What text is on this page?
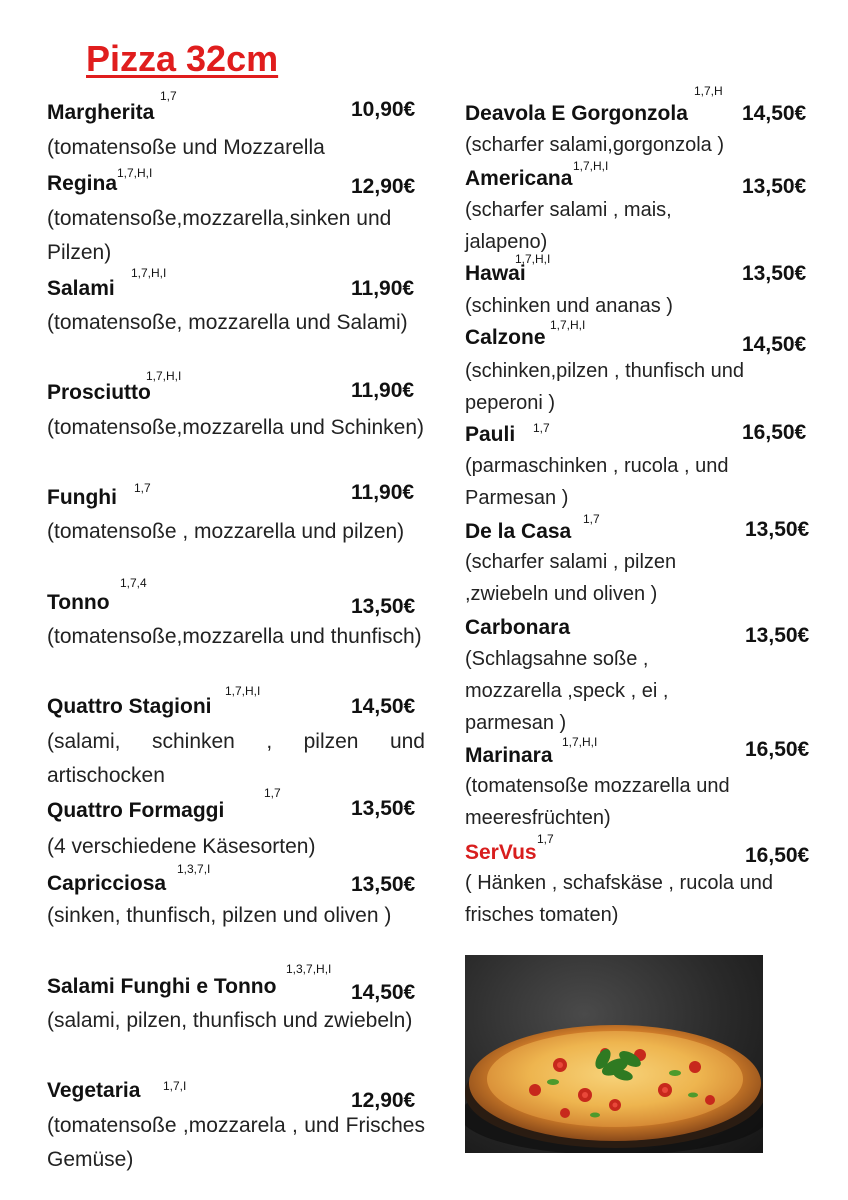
Pizza 32cm
1,7
Margherita	10,90€
(tomatensoße und Mozzarella
1,7,H,I
Regina	12,90€
(tomatensoße,mozzarella,sinken und Pilzen)
1,7,H,I
Salami	11,90€
(tomatensoße, mozzarella und Salami)
1,7,H,I
Prosciutto	11,90€
(tomatensoße,mozzarella und Schinken)
1,7
Funghi	11,90€
(tomatensoße , mozzarella und pilzen)
1,7,4
Tonno	13,50€
(tomatensoße,mozzarella und thunfisch)
1,7,H,I
Quattro Stagioni	14,50€
(salami, schinken , pilzen und artischocken
1,7
Quattro Formaggi	13,50€
(4 verschiedene Käsesorten)
1,3,7,I
Capricciosa	13,50€
(sinken, thunfisch, pilzen und oliven )
1,3,7,H,I
Salami Funghi e Tonno	14,50€
(salami, pilzen, thunfisch und zwiebeln)
1,7,I
Vegetaria	12,90€
(tomatensoße ,mozzarela , und Frisches Gemüse)
1,7,H
Deavola E Gorgonzola	14,50€
(scharfer salami,gorgonzola )
1,7,H,I
Americana	13,50€
(scharfer salami , mais, jalapeno)
1,7,H,I
Hawai	13,50€
(schinken und ananas )
1,7,H,I
Calzone	14,50€
(schinken,pilzen , thunfisch und peperoni )
1,7
Pauli	16,50€
(parmaschinken , rucola , und Parmesan )
1,7
De la Casa	13,50€
(scharfer salami , pilzen ,zwiebeln und oliven )
Carbonara	13,50€
(Schlagsahne soße , mozzarella ,speck , ei , parmesan )
1,7,H,I
Marinara	16,50€
(tomatensoße mozzarella und meeresfrüchten)
1,7
SerVus	16,50€
( Hänken , schafskäse , rucola und frisches tomaten)
